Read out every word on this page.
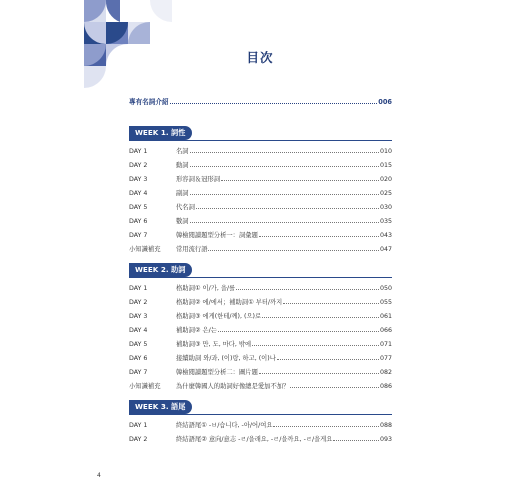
目次
專有名詞介紹	006
WEEK 1. 詞性
DAY 1	名詞	010
DAY 2	動詞	015
DAY 3	形容詞＆冠形詞	020
DAY 4	副詞	025
DAY 5	代名詞	030
DAY 6	數詞	035
DAY 7	韓檢閱讀題型分析一：詞彙題	043
小知識補充	常用流行語	047
WEEK 2. 助詞
DAY 1	格助詞① 이/가, 을/를	050
DAY 2	格助詞② 에/에서；補助詞① 부터/까지	055
DAY 3	格助詞③ 에게(한테/께), (으)로	061
DAY 4	補助詞② 은/는	066
DAY 5	補助詞③ 만, 도, 마다, 밖에	071
DAY 6	接續助詞 와/과, (이)랑, 하고, (이)나	077
DAY 7	韓檢閱讀題型分析二：圖片題	082
小知識補充	為什麼韓國人的助詞好像總是愛加不加？	086
WEEK 3. 語尾
DAY 1	終結語尾① -ㅂ/습니다, -아/어/여요	088
DAY 2	終結語尾② 意向/意志 -ㄹ/을래요, -ㄹ/을까요, -ㄹ/을게요	093
4
